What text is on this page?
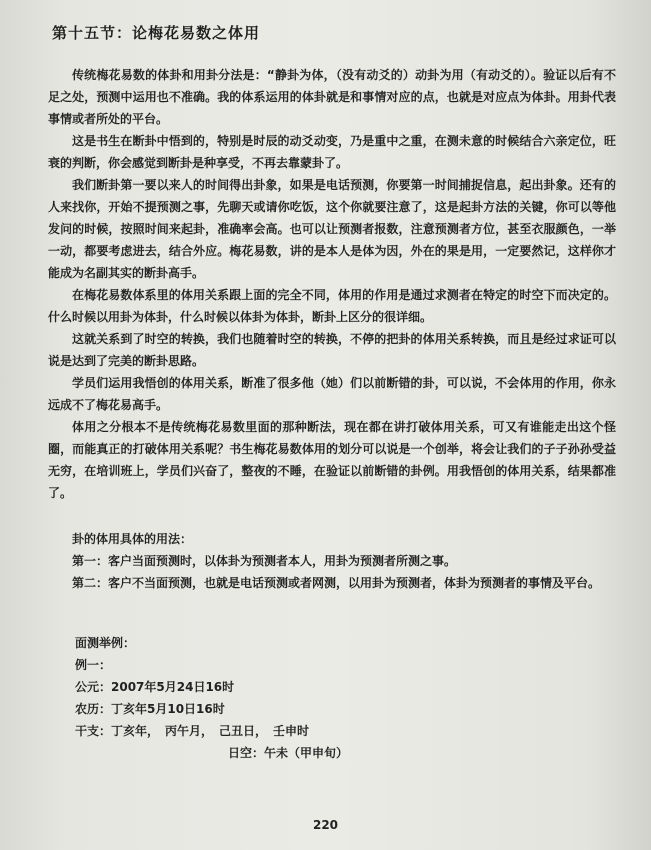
第十五节：论梅花易数之体用

传统梅花易数的体卦和用卦分法是：“静卦为体，（没有动爻的）动卦为用（有动爻的）。验证以后有不足之处，预测中运用也不准确。我的体系运用的体卦就是和事情对应的点，也就是对应点为体卦。用卦代表事情或者所处的平台。

这是书生在断卦中悟到的，特别是时辰的动爻动变，乃是重中之重，在测未意的时候结合六亲定位，旺衰的判断，你会感觉到断卦是种享受，不再去靠蒙卦了。

我们断卦第一要以来人的时间得出卦象，如果是电话预测，你要第一时间捕捉信息，起出卦象。还有的人来找你，开始不提预测之事，先聊天或请你吃饭，这个你就要注意了，这是起卦方法的关键，你可以等他发问的时候，按照时间来起卦，准确率会高。也可以让预测者报数，注意预测者方位，甚至衣服颜色，一举一动，都要考虑进去，结合外应。梅花易数，讲的是本人是体为因，外在的果是用，一定要然记，这样你才能成为名副其实的断卦高手。

在梅花易数体系里的体用关系跟上面的完全不同，体用的作用是通过求测者在特定的时空下而决定的。什么时候以用卦为体卦，什么时候以体卦为体卦，断卦上区分的很详细。

这就关系到了时空的转换，我们也随着时空的转换，不停的把卦的体用关系转换，而且是经过求证可以说是达到了完美的断卦思路。

学员们运用我悟创的体用关系，断准了很多他（她）们以前断错的卦，可以说，不会体用的作用，你永远成不了梅花易高手。

体用之分根本不是传统梅花易数里面的那种断法，现在都在讲打破体用关系，可又有谁能走出这个怪圈，而能真正的打破体用关系呢？书生梅花易数体用的划分可以说是一个创举，将会让我们的子子孙孙受益无穷，在培训班上，学员们兴奋了，整夜的不睡，在验证以前断错的卦例。用我悟创的体用关系，结果都准了。

卦的体用具体的用法：

第一：客户当面预测时，以体卦为预测者本人，用卦为预测者所测之事。

第二：客户不当面预测，也就是电话预测或者网测，以用卦为预测者，体卦为预测者的事情及平台。

面测举例：
例一：
公元：2007年5月24日16时
农历：丁亥年5月10日16时
干支：丁亥年，　丙午月，　己丑日，　壬申时
日空：午未（甲申旬）
220
